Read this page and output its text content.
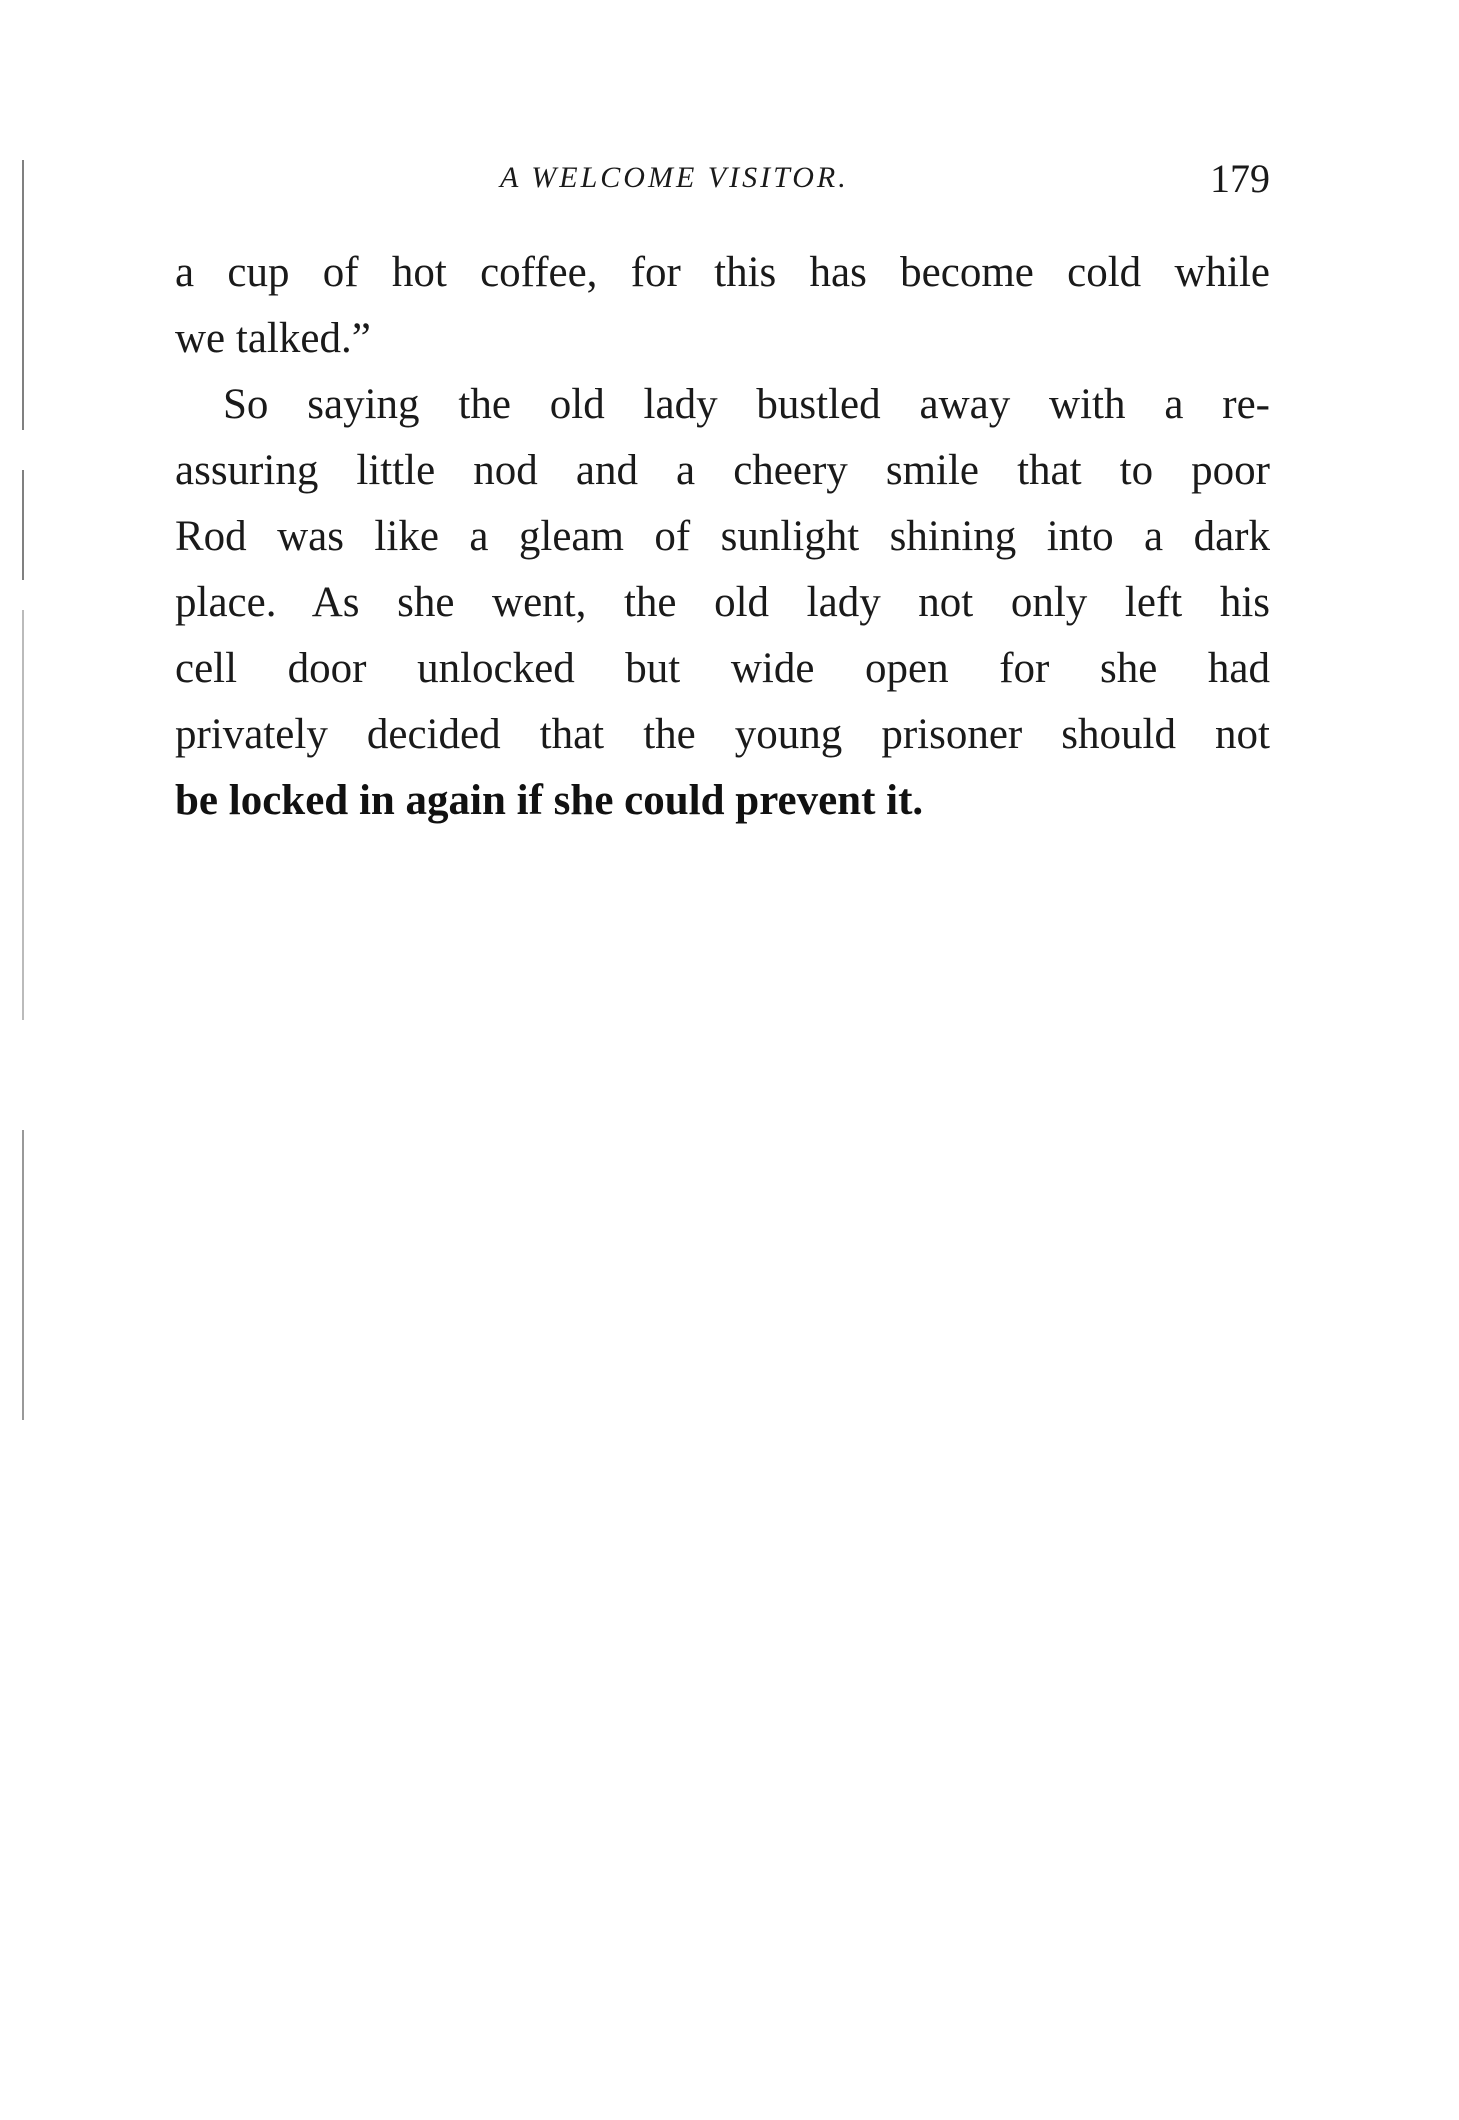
A WELCOME VISITOR.	179
a cup of hot coffee, for this has become cold while
we talked.”
So saying the old lady bustled away with a re-
assuring little nod and a cheery smile that to poor
Rod was like a gleam of sunlight shining into a dark
place. As she went, the old lady not only left his
cell door unlocked but wide open for she had
privately decided that the young prisoner should not
be locked in again if she could prevent it.
